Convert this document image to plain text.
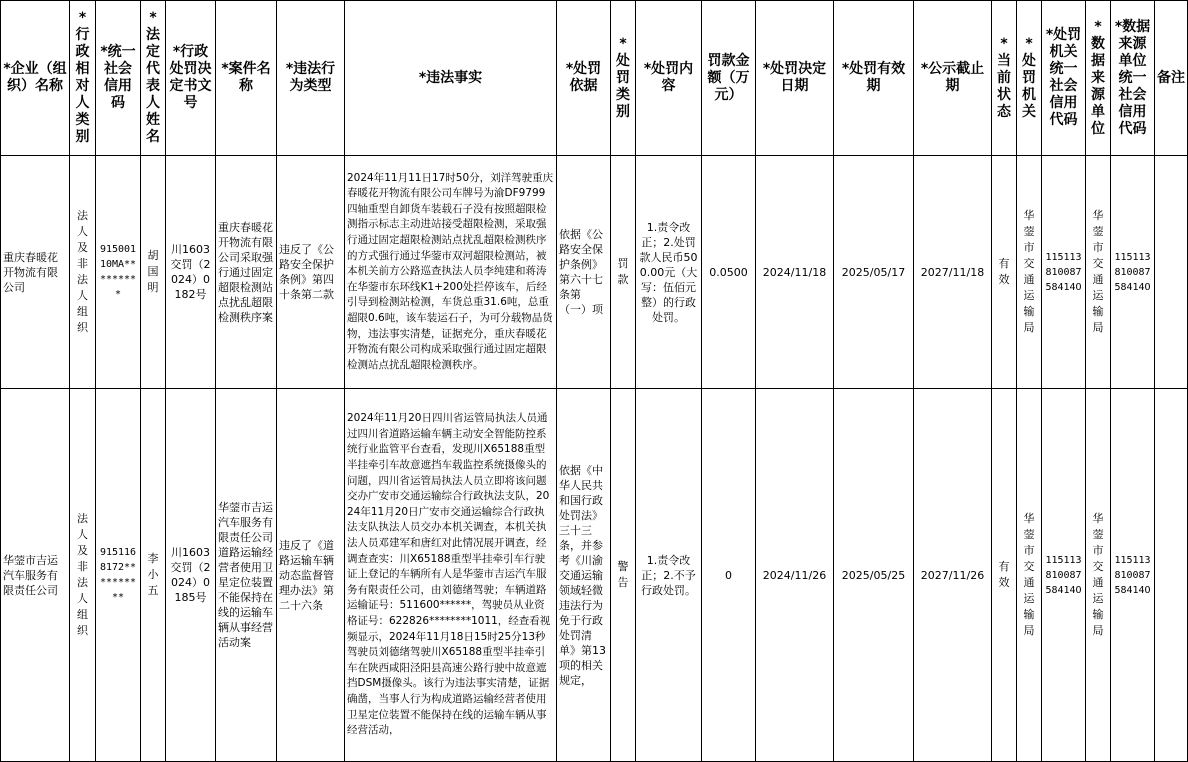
*企业（组织）名称	*行政相对人类别	*统一社会信用码	*法定代表人姓名	*行政处罚决定书文号	*案件名称	*违法行为类型	*违法事实	*处罚依据	*处罚类别	*处罚内容	罚款金额（万元）	*处罚决定日期	*处罚有效期	*公示截止期	*当前状态	*处罚机关	*处罚机关统一社会信用代码	*数据来源单位	*数据来源单位统一社会信用代码	备注
重庆春暖花开物流有限公司	法人及非法人组织	91500110MA*********	胡国明	川1603交罚（2024）0182号	重庆春暖花开物流有限公司采取强行通过固定超限检测站点扰乱超限检测秩序案	违反了《公路安全保护条例》第四十条第二款	2024年11月11日17时50分，刘洋驾驶重庆春暖花开物流有限公司车牌号为渝DF9799四轴重型自卸货车装载石子没有按照超限检测指示标志主动进站接受超限检测，采取强行通过固定超限检测站点扰乱超限检测秩序的方式强行通过华蓥市双河超限检测站，被本机关前方公路巡查执法人员李纯建和蒋涛在华蓥市东环线K1+200处拦停该车，后经引导到检测站检测，车货总重31.6吨，总重超限0.6吨，该车装运石子，为可分载物品货物，违法事实清楚，证据充分，重庆春暖花开物流有限公司构成采取强行通过固定超限检测站点扰乱超限检测秩序。	依据《公路安全保护条例》第六十七条第（一）项	罚款	1.责令改正；2.处罚款人民币500.00元（大写：伍佰元整）的行政处罚。	0.0500	2024/11/18	2025/05/17	2027/11/18	有效	华蓥市交通运输局	11511381008758414O	华蓥市交通运输局	11511381008758414O	
华蓥市吉运汽车服务有限责任公司	法人及非法人组织	9151168172**********	李小五	川1603交罚（2024）0185号	华蓥市吉运汽车服务有限责任公司道路运输经营者使用卫星定位装置不能保持在线的运输车辆从事经营活动案	违反了《道路运输车辆动态监督管理办法》第二十六条	2024年11月20日四川省运管局执法人员通过四川省道路运输车辆主动安全智能防控系统行业监管平台查看，发现川X65188重型半挂牵引车故意遮挡车载监控系统摄像头的问题，四川省运管局执法人员立即将该问题交办广安市交通运输综合行政执法支队，2024年11月20日广安市交通运输综合行政执法支队执法人员交办本机关调查，本机关执法人员邓建军和唐红对此情况展开调查，经调查查实：川X65188重型半挂牵引车行驶证上登记的车辆所有人是华蓥市吉运汽车服务有限责任公司，由刘德绪驾驶；车辆道路运输证号：511600******，驾驶员从业资格证号：622826********1011，经查看视频显示，2024年11月18日15时25分13秒驾驶员刘德绪驾驶川X65188重型半挂牵引车在陕西咸阳泾阳县高速公路行驶中故意遮挡DSM摄像头。该行为违法事实清楚，证据确凿，当事人行为构成道路运输经营者使用卫星定位装置不能保持在线的运输车辆从事经营活动，	依据《中华人民共和国行政处罚法》三十三条，并参考《川渝交通运输领域轻微违法行为免于行政处罚清单》第13项的相关规定，	警告	1.责令改正；2.不予行政处罚。	0	2024/11/26	2025/05/25	2027/11/26	有效	华蓥市交通运输局	11511381008758414O	华蓥市交通运输局	11511381008758414O	
